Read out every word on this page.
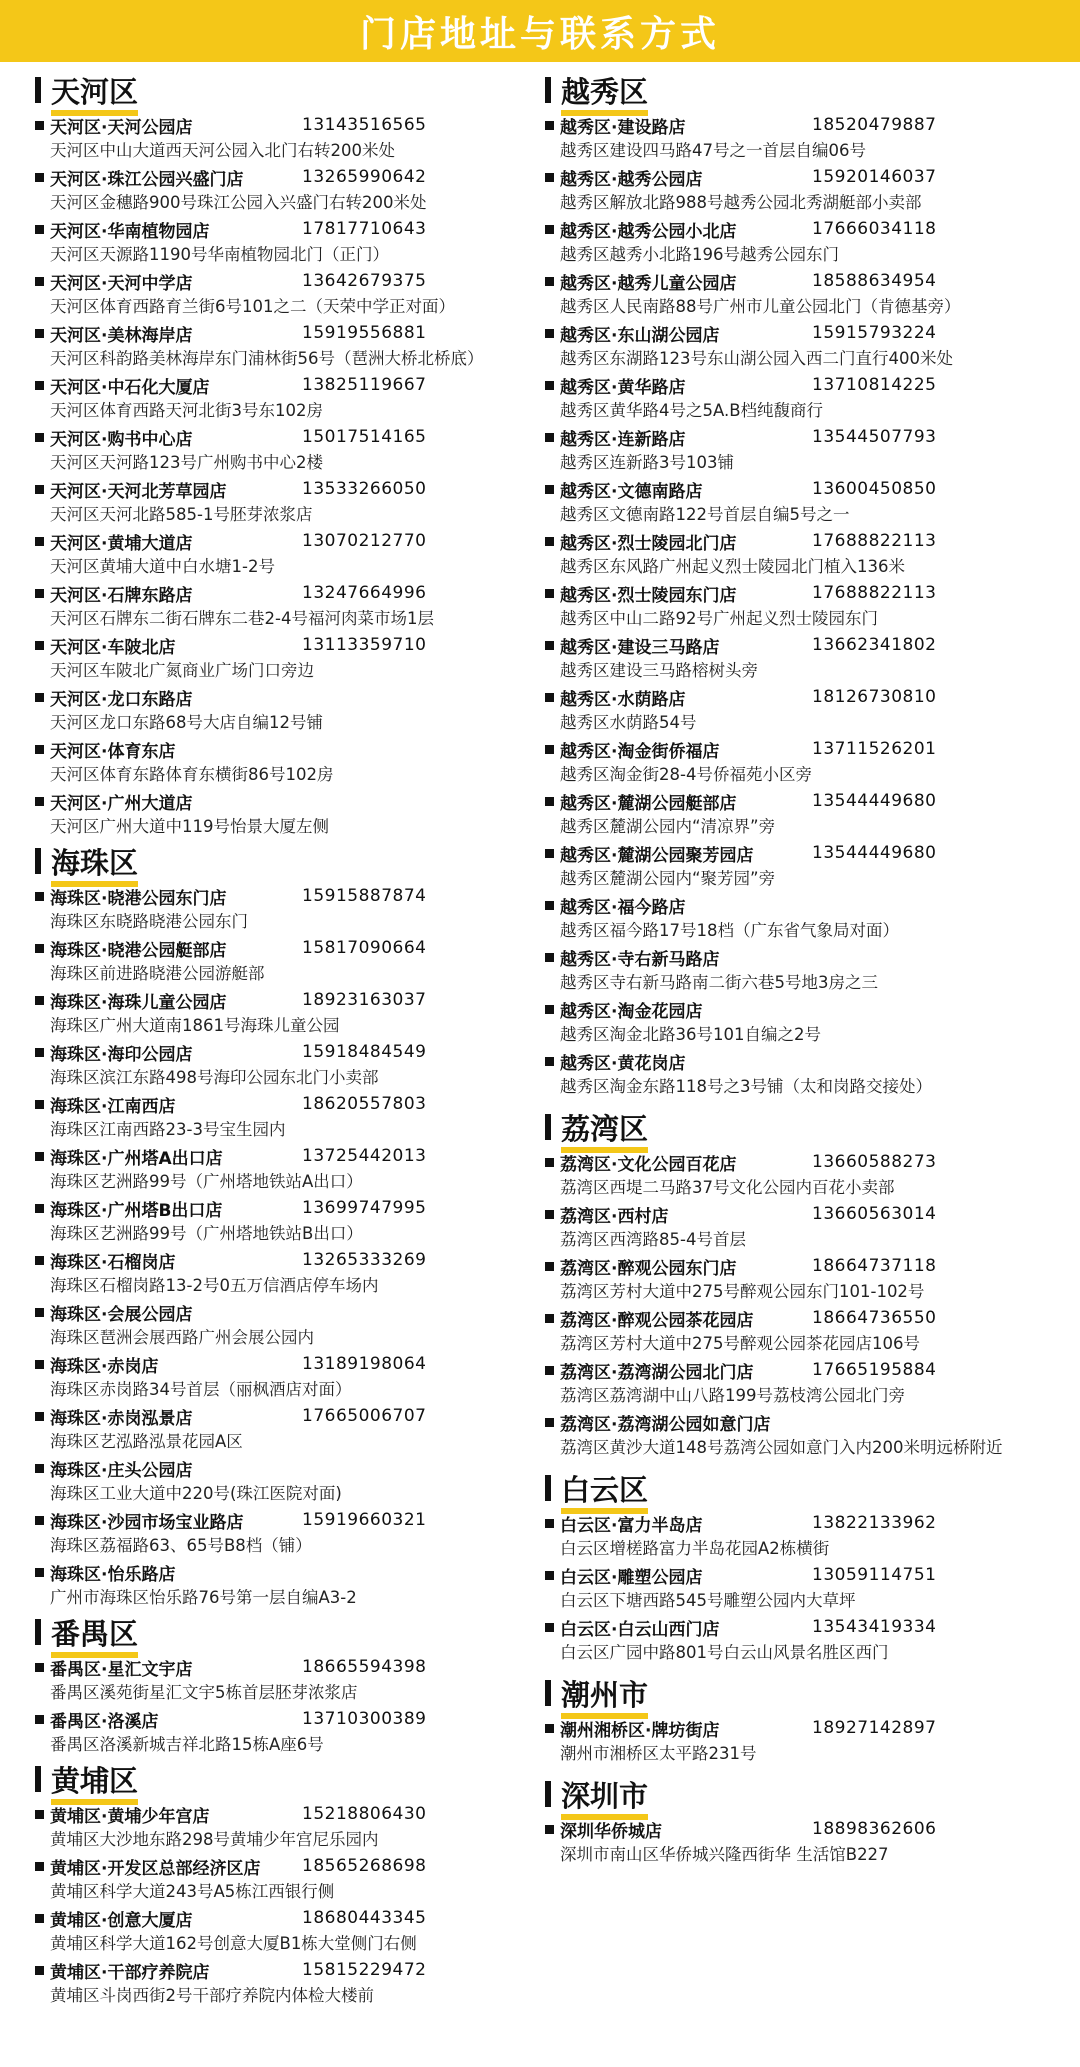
门店地址与联系方式
天河区
天河区·天河公园店	13143516565
天河区中山大道西天河公园入北门右转200米处
天河区·珠江公园兴盛门店	13265990642
天河区金穗路900号珠江公园入兴盛门右转200米处
天河区·华南植物园店	17817710643
天河区天源路1190号华南植物园北门（正门）
天河区·天河中学店	13642679375
天河区体育西路育兰街6号101之二（天荣中学正对面）
天河区·美林海岸店	15919556881
天河区科韵路美林海岸东门浦林街56号（琶洲大桥北桥底）
天河区·中石化大厦店	13825119667
天河区体育西路天河北街3号东102房
天河区·购书中心店	15017514165
天河区天河路123号广州购书中心2楼
天河区·天河北芳草园店	13533266050
天河区天河北路585-1号胚芽浓浆店
天河区·黄埔大道店	13070212770
天河区黄埔大道中白水塘1-2号
天河区·石牌东路店	13247664996
天河区石牌东二街石牌东二巷2-4号福河肉菜市场1层
天河区·车陂北店	13113359710
天河区车陂北广氮商业广场门口旁边
天河区·龙口东路店
天河区龙口东路68号大店自编12号铺
天河区·体育东店
天河区体育东路体育东横街86号102房
天河区·广州大道店
天河区广州大道中119号怡景大厦左侧
海珠区
海珠区·晓港公园东门店	15915887874
海珠区东晓路晓港公园东门
海珠区·晓港公园艇部店	15817090664
海珠区前进路晓港公园游艇部
海珠区·海珠儿童公园店	18923163037
海珠区广州大道南1861号海珠儿童公园
海珠区·海印公园店	15918484549
海珠区滨江东路498号海印公园东北门小卖部
海珠区·江南西店	18620557803
海珠区江南西路23-3号宝生园内
海珠区·广州塔A出口店	13725442013
海珠区艺洲路99号（广州塔地铁站A出口）
海珠区·广州塔B出口店	13699747995
海珠区艺洲路99号（广州塔地铁站B出口）
海珠区·石榴岗店	13265333269
海珠区石榴岗路13-2号0五万信酒店停车场内
海珠区·会展公园店
海珠区琶洲会展西路广州会展公园内
海珠区·赤岗店	13189198064
海珠区赤岗路34号首层（丽枫酒店对面）
海珠区·赤岗泓景店	17665006707
海珠区艺泓路泓景花园A区
海珠区·庄头公园店
海珠区工业大道中220号(珠江医院对面)
海珠区·沙园市场宝业路店	15919660321
海珠区荔福路63、65号B8档（铺）
海珠区·怡乐路店
广州市海珠区怡乐路76号第一层自编A3-2
番禺区
番禺区·星汇文宇店	18665594398
番禺区溪苑街星汇文宇5栋首层胚芽浓浆店
番禺区·洛溪店	13710300389
番禺区洛溪新城吉祥北路15栋A座6号
黄埔区
黄埔区·黄埔少年宫店	15218806430
黄埔区大沙地东路298号黄埔少年宫尼乐园内
黄埔区·开发区总部经济区店	18565268698
黄埔区科学大道243号A5栋江西银行侧
黄埔区·创意大厦店	18680443345
黄埔区科学大道162号创意大厦B1栋大堂侧门右侧
黄埔区·干部疗养院店	15815229472
黄埔区斗岗西街2号干部疗养院内体检大楼前
越秀区
越秀区·建设路店	18520479887
越秀区建设四马路47号之一首层自编06号
越秀区·越秀公园店	15920146037
越秀区解放北路988号越秀公园北秀湖艇部小卖部
越秀区·越秀公园小北店	17666034118
越秀区越秀小北路196号越秀公园东门
越秀区·越秀儿童公园店	18588634954
越秀区人民南路88号广州市儿童公园北门（肯德基旁）
越秀区·东山湖公园店	15915793224
越秀区东湖路123号东山湖公园入西二门直行400米处
越秀区·黄华路店	13710814225
越秀区黄华路4号之5A.B档纯馥商行
越秀区·连新路店	13544507793
越秀区连新路3号103铺
越秀区·文德南路店	13600450850
越秀区文德南路122号首层自编5号之一
越秀区·烈士陵园北门店	17688822113
越秀区东风路广州起义烈士陵园北门植入136米
越秀区·烈士陵园东门店	17688822113
越秀区中山二路92号广州起义烈士陵园东门
越秀区·建设三马路店	13662341802
越秀区建设三马路榕树头旁
越秀区·水荫路店	18126730810
越秀区水荫路54号
越秀区·淘金街侨福店	13711526201
越秀区淘金街28-4号侨福苑小区旁
越秀区·麓湖公园艇部店	13544449680
越秀区麓湖公园内“清凉界”旁
越秀区·麓湖公园聚芳园店	13544449680
越秀区麓湖公园内“聚芳园”旁
越秀区·福今路店
越秀区福今路17号18档（广东省气象局对面）
越秀区·寺右新马路店
越秀区寺右新马路南二街六巷5号地3房之三
越秀区·淘金花园店
越秀区淘金北路36号101自编之2号
越秀区·黄花岗店
越秀区淘金东路118号之3号铺（太和岗路交接处）
荔湾区
荔湾区·文化公园百花店	13660588273
荔湾区西堤二马路37号文化公园内百花小卖部
荔湾区·西村店	13660563014
荔湾区西湾路85-4号首层
荔湾区·醉观公园东门店	18664737118
荔湾区芳村大道中275号醉观公园东门101-102号
荔湾区·醉观公园茶花园店	18664736550
荔湾区芳村大道中275号醉观公园茶花园店106号
荔湾区·荔湾湖公园北门店	17665195884
荔湾区荔湾湖中山八路199号荔枝湾公园北门旁
荔湾区·荔湾湖公园如意门店
荔湾区黄沙大道148号荔湾公园如意门入内200米明远桥附近
白云区
白云区·富力半岛店	13822133962
白云区增槎路富力半岛花园A2栋横街
白云区·雕塑公园店	13059114751
白云区下塘西路545号雕塑公园内大草坪
白云区·白云山西门店	13543419334
白云区广园中路801号白云山风景名胜区西门
潮州市
潮州湘桥区·牌坊街店	18927142897
潮州市湘桥区太平路231号
深圳市
深圳华侨城店	18898362606
深圳市南山区华侨城兴隆西街华 生活馆B227
